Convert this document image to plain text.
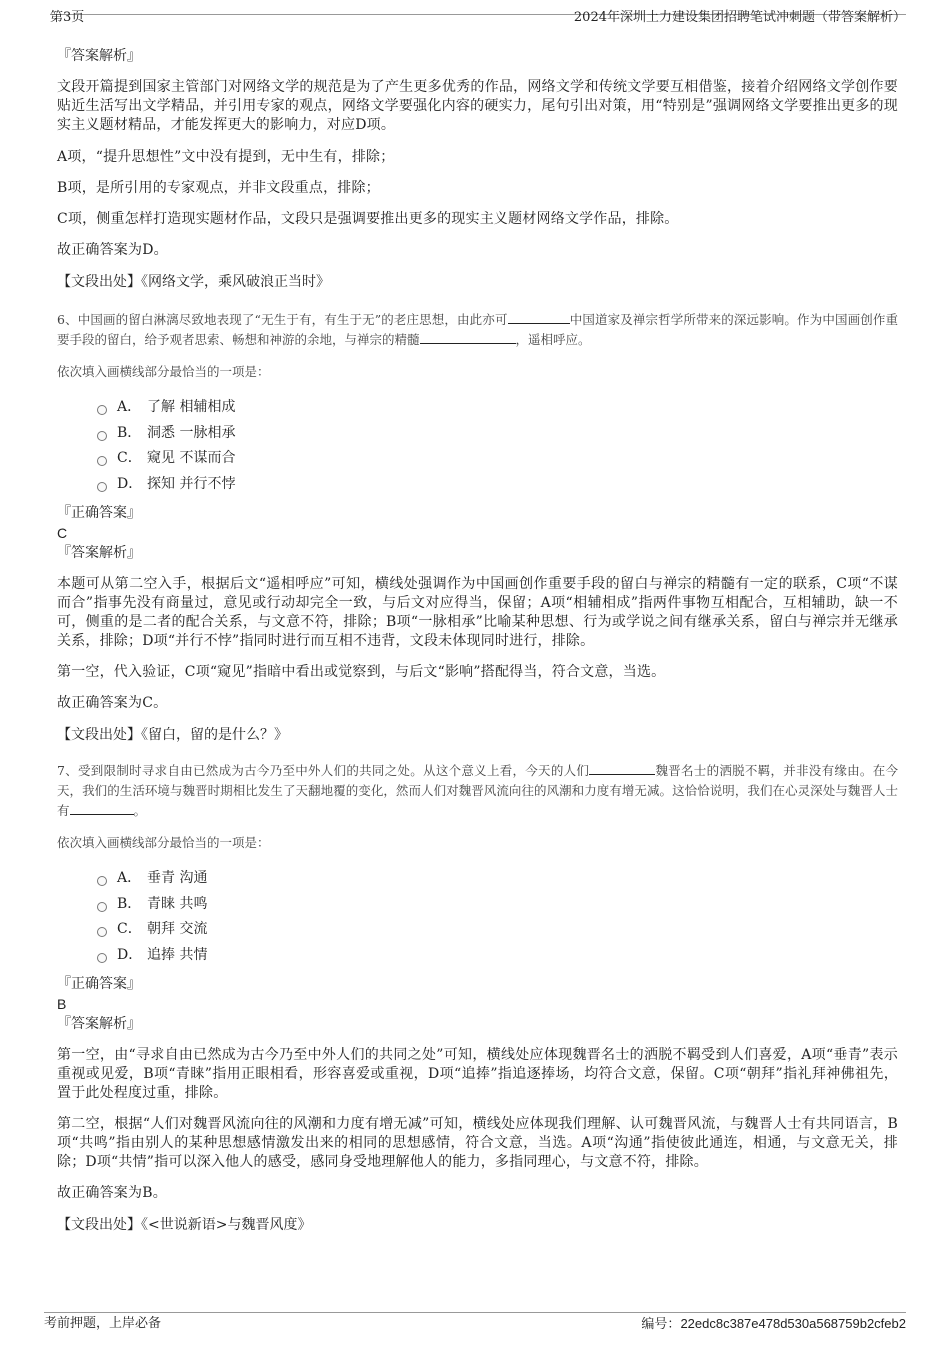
第3页	2024年深圳土力建设集团招聘笔试冲刺题（带答案解析）

『答案解析』

文段开篇提到国家主管部门对网络文学的规范是为了产生更多优秀的作品，网络文学和传统文学要互相借鉴，接着介绍网络文学创作要贴近生活写出文学精品，并引用专家的观点，网络文学要强化内容的硬实力，尾句引出对策，用“特别是”强调网络文学要推出更多的现实主义题材精品，才能发挥更大的影响力，对应D项。

A项，“提升思想性”文中没有提到，无中生有，排除；

B项，是所引用的专家观点，并非文段重点，排除；

C项，侧重怎样打造现实题材作品，文段只是强调要推出更多的现实主义题材网络文学作品，排除。

故正确答案为D。

【文段出处】《网络文学，乘风破浪正当时》

6、中国画的留白淋漓尽致地表现了“无生于有，有生于无”的老庄思想，由此亦可	中国道家及禅宗哲学所带来的深远影响。作为中国画创作重要手段的留白，给予观者思索、畅想和神游的余地，与禅宗的精髓	，遥相呼应。

依次填入画横线部分最恰当的一项是：

A． 了解 相辅相成
B． 洞悉 一脉相承
C． 窥见 不谋而合
D． 探知 并行不悖

『正确答案』

C

『答案解析』

本题可从第二空入手，根据后文“遥相呼应”可知，横线处强调作为中国画创作重要手段的留白与禅宗的精髓有一定的联系，C项“不谋而合”指事先没有商量过，意见或行动却完全一致，与后文对应得当，保留；A项“相辅相成”指两件事物互相配合，互相辅助，缺一不可，侧重的是二者的配合关系，与文意不符，排除；B项“一脉相承”比喻某种思想、行为或学说之间有继承关系，留白与禅宗并无继承关系，排除；D项“并行不悖”指同时进行而互相不违背，文段未体现同时进行，排除。

第一空，代入验证，C项“窥见”指暗中看出或觉察到，与后文“影响”搭配得当，符合文意，当选。

故正确答案为C。

【文段出处】《留白，留的是什么？》

7、受到限制时寻求自由已然成为古今乃至中外人们的共同之处。从这个意义上看，今天的人们	魏晋名士的洒脱不羁，并非没有缘由。在今天，我们的生活环境与魏晋时期相比发生了天翻地覆的变化，然而人们对魏晋风流向往的风潮和力度有增无减。这恰恰说明，我们在心灵深处与魏晋人士有	。

依次填入画横线部分最恰当的一项是：

A． 垂青 沟通
B． 青睐 共鸣
C． 朝拜 交流
D． 追捧 共情

『正确答案』

B

『答案解析』

第一空，由“寻求自由已然成为古今乃至中外人们的共同之处”可知，横线处应体现魏晋名士的洒脱不羁受到人们喜爱，A项“垂青”表示重视或见爱，B项“青睐”指用正眼相看，形容喜爱或重视，D项“追捧”指追逐捧场，均符合文意，保留。C项“朝拜”指礼拜神佛祖先，置于此处程度过重，排除。

第二空，根据“人们对魏晋风流向往的风潮和力度有增无减”可知，横线处应体现我们理解、认可魏晋风流，与魏晋人士有共同语言，B项“共鸣”指由别人的某种思想感情激发出来的相同的思想感情，符合文意，当选。A项“沟通”指使彼此通连，相通，与文意无关，排除；D项“共情”指可以深入他人的感受，感同身受地理解他人的能力，多指同理心，与文意不符，排除。

故正确答案为B。

【文段出处】《<世说新语>与魏晋风度》

考前押题，上岸必备	编号：22edc8c387e478d530a568759b2cfeb2
